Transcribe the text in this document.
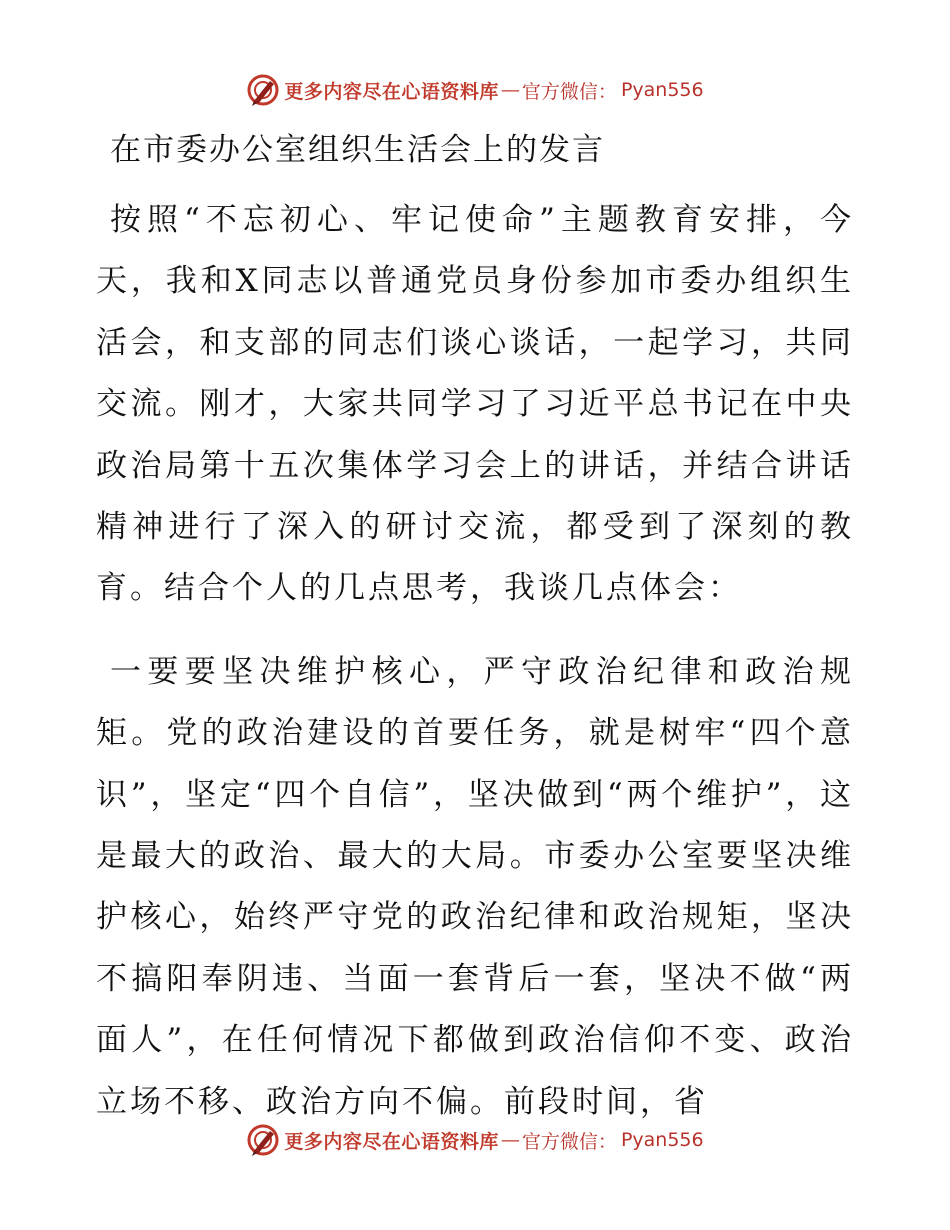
更多内容尽在心语资料库 — 官方微信： Pyan556
在市委办公室组织生活会上的发言

按照“不忘初心、牢记使命”主题教育安排，今天，我和X同志以普通党员身份参加市委办组织生活会，和支部的同志们谈心谈话，一起学习，共同交流。刚才，大家共同学习了习近平总书记在中央政治局第十五次集体学习会上的讲话，并结合讲话精神进行了深入的研讨交流，都受到了深刻的教育。结合个人的几点思考，我谈几点体会：

一要要坚决维护核心，严守政治纪律和政治规矩。党的政治建设的首要任务，就是树牢“四个意识”，坚定“四个自信”，坚决做到“两个维护”，这是最大的政治、最大的大局。市委办公室要坚决维护核心，始终严守党的政治纪律和政治规矩，坚决不搞阳奉阴违、当面一套背后一套，坚决不做“两面人”，在任何情况下都做到政治信仰不变、政治立场不移、政治方向不偏。前段时间，省

更多内容尽在心语资料库 — 官方微信： Pyan556
